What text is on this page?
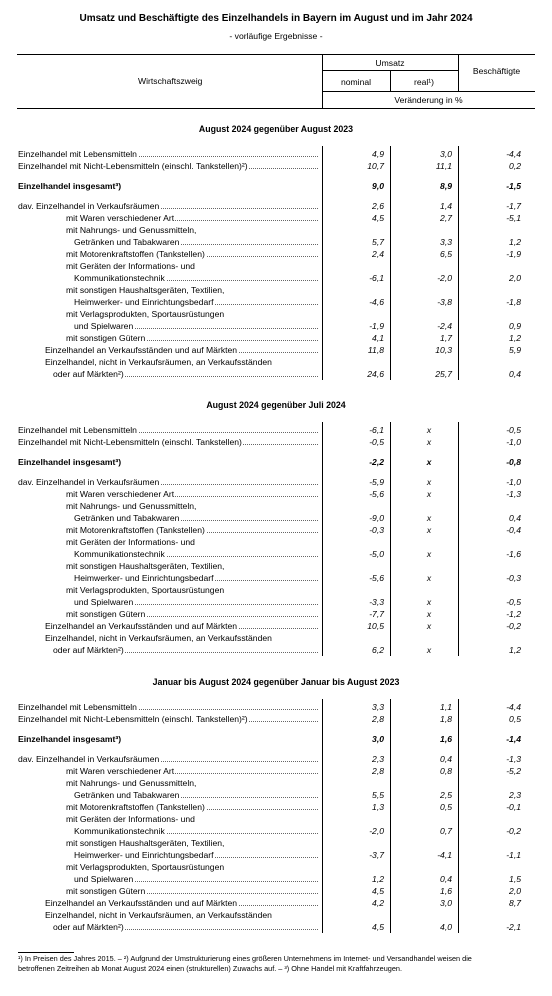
Umsatz und Beschäftigte des Einzelhandels in Bayern im August und im Jahr 2024
- vorläufige Ergebnisse -
Wirtschaftszweig
Umsatz
nominal	real¹)
Beschäftigte
Veränderung in %
August 2024 gegenüber August 2023
Einzelhandel mit Lebensmitteln	4,9	3,0	-4,4
Einzelhandel mit Nicht-Lebensmitteln (einschl. Tankstellen)²)	10,7	11,1	0,2
Einzelhandel insgesamt³)	9,0	8,9	-1,5
dav. Einzelhandel in Verkaufsräumen	2,6	1,4	-1,7
mit Waren verschiedener Art	4,5	2,7	-5,1
mit Nahrungs- und Genussmitteln,
Getränken und Tabakwaren	5,7	3,3	1,2
mit Motorenkraftstoffen (Tankstellen)	2,4	6,5	-1,9
mit Geräten der Informations- und
Kommunikationstechnik	-6,1	-2,0	2,0
mit sonstigen Haushaltsgeräten, Textilien,
Heimwerker- und Einrichtungsbedarf	-4,6	-3,8	-1,8
mit Verlagsprodukten, Sportausrüstungen
und Spielwaren	-1,9	-2,4	0,9
mit sonstigen Gütern	4,1	1,7	1,2
Einzelhandel an Verkaufsständen und auf Märkten	11,8	10,3	5,9
Einzelhandel, nicht in Verkaufsräumen, an Verkaufsständen
oder auf Märkten²)	24,6	25,7	0,4
August 2024 gegenüber Juli 2024
Einzelhandel mit Lebensmitteln	-6,1	x	-0,5
Einzelhandel mit Nicht-Lebensmitteln (einschl. Tankstellen)	-0,5	x	-1,0
Einzelhandel insgesamt³)	-2,2	x	-0,8
dav. Einzelhandel in Verkaufsräumen	-5,9	x	-1,0
mit Waren verschiedener Art	-5,6	x	-1,3
mit Nahrungs- und Genussmitteln,
Getränken und Tabakwaren	-9,0	x	0,4
mit Motorenkraftstoffen (Tankstellen)	-0,3	x	-0,4
mit Geräten der Informations- und
Kommunikationstechnik	-5,0	x	-1,6
mit sonstigen Haushaltsgeräten, Textilien,
Heimwerker- und Einrichtungsbedarf	-5,6	x	-0,3
mit Verlagsprodukten, Sportausrüstungen
und Spielwaren	-3,3	x	-0,5
mit sonstigen Gütern	-7,7	x	-1,2
Einzelhandel an Verkaufsständen und auf Märkten	10,5	x	-0,2
Einzelhandel, nicht in Verkaufsräumen, an Verkaufsständen
oder auf Märkten²)	6,2	x	1,2
Januar bis August 2024 gegenüber Januar bis August 2023
Einzelhandel mit Lebensmitteln	3,3	1,1	-4,4
Einzelhandel mit Nicht-Lebensmitteln (einschl. Tankstellen)²)	2,8	1,8	0,5
Einzelhandel insgesamt³)	3,0	1,6	-1,4
dav. Einzelhandel in Verkaufsräumen	2,3	0,4	-1,3
mit Waren verschiedener Art	2,8	0,8	-5,2
mit Nahrungs- und Genussmitteln,
Getränken und Tabakwaren	5,5	2,5	2,3
mit Motorenkraftstoffen (Tankstellen)	1,3	0,5	-0,1
mit Geräten der Informations- und
Kommunikationstechnik	-2,0	0,7	-0,2
mit sonstigen Haushaltsgeräten, Textilien,
Heimwerker- und Einrichtungsbedarf	-3,7	-4,1	-1,1
mit Verlagsprodukten, Sportausrüstungen
und Spielwaren	1,2	0,4	1,5
mit sonstigen Gütern	4,5	1,6	2,0
Einzelhandel an Verkaufsständen und auf Märkten	4,2	3,0	8,7
Einzelhandel, nicht in Verkaufsräumen, an Verkaufsständen
oder auf Märkten²)	4,5	4,0	-2,1
¹) In Preisen des Jahres 2015. – ²) Aufgrund der Umstrukturierung eines größeren Unternehmens im Internet- und Versandhandel weisen die
betroffenen Zeitreihen ab Monat August 2024 einen (strukturellen) Zuwachs auf. – ³) Ohne Handel mit Kraftfahrzeugen.
